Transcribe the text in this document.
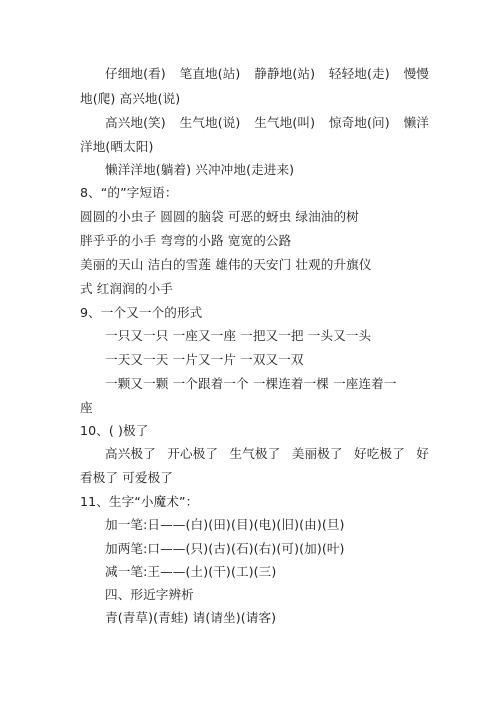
仔细地(看) 笔直地(站) 静静地(站) 轻轻地(走) 慢慢
地(爬) 高兴地(说)
高兴地(笑) 生气地(说) 生气地(叫) 惊奇地(问) 懒洋
洋地(晒太阳)
懒洋洋地(躺着) 兴冲冲地(走进来)
8、“的”字短语：
圆圆的小虫子 圆圆的脑袋 可恶的蚜虫 绿油油的树
胖乎乎的小手 弯弯的小路 宽宽的公路
美丽的天山 洁白的雪莲 雄伟的天安门 壮观的升旗仪
式 红润润的小手
9、一个又一个的形式
一只又一只 一座又一座 一把又一把 一头又一头
一天又一天 一片又一片 一双又一双
一颗又一颗 一个跟着一个 一棵连着一棵 一座连着一
座
10、( )极了
高兴极了 开心极了 生气极了 美丽极了 好吃极了 好
看极了 可爱极了
11、生字“小魔术”：
加一笔:日——(白)(田)(目)(电)(旧)(由)(旦)
加两笔:口——(只)(古)(石)(右)(可)(加)(叶)
减一笔:王——(土)(干)(工)(三)
四、形近字辨析
青(青草)(青蛙) 请(请坐)(请客)
